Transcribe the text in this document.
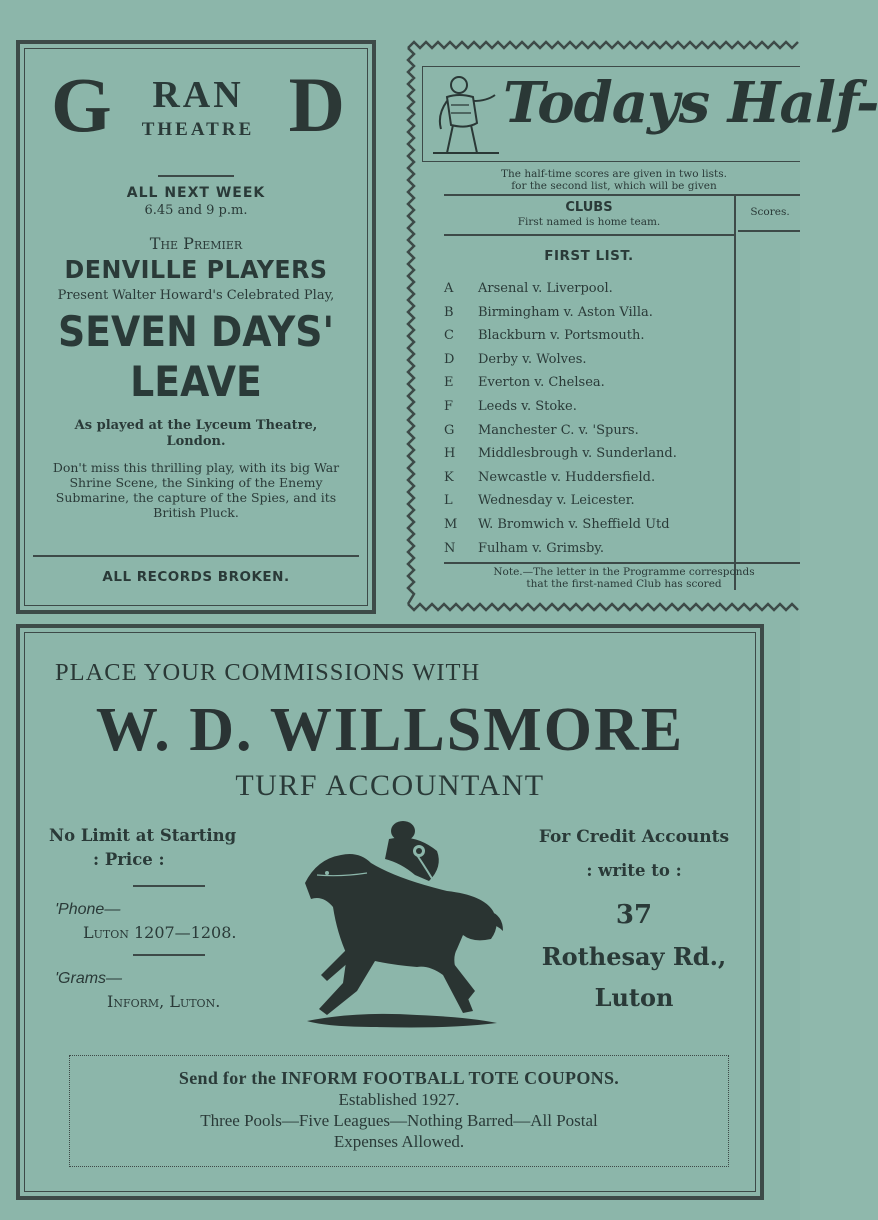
G	RAN
THEATRE D
ALL NEXT WEEK
6.45 and 9 p.m.
The Premier
DENVILLE PLAYERS
Present Walter Howard's Celebrated Play,
SEVEN DAYS'
LEAVE
As played at the Lyceum Theatre, London.
Don't miss this thrilling play, with its big War Shrine Scene, the Sinking of the Enemy Submarine, the capture of the Spies, and its British Pluck.
ALL RECORDS BROKEN.
Todays Half-
The half-time scores are given in two lists.
for the second list, which will be given
CLUBS
First named is home team.
Scores.
FIRST LIST.
A Arsenal v. Liverpool.
B Birmingham v. Aston Villa.
C Blackburn v. Portsmouth.
D Derby v. Wolves.
E Everton v. Chelsea.
F Leeds v. Stoke.
G Manchester C. v. 'Spurs.
H Middlesbrough v. Sunderland.
K Newcastle v. Huddersfield.
L Wednesday v. Leicester.
M W. Bromwich v. Sheffield Utd
N Fulham v. Grimsby.
Note.—The letter in the Programme corresponds
that the first-named Club has scored
PLACE YOUR COMMISSIONS WITH
W. D. WILLSMORE
TURF ACCOUNTANT
No Limit at Starting
: Price :
'Phone—
Luton 1207—1208.
'Grams—
Inform, Luton.
For Credit Accounts
: write to :
37
Rothesay Rd.,
Luton
Send for the INFORM FOOTBALL TOTE COUPONS.
Established 1927.
Three Pools—Five Leagues—Nothing Barred—All Postal
Expenses Allowed.
